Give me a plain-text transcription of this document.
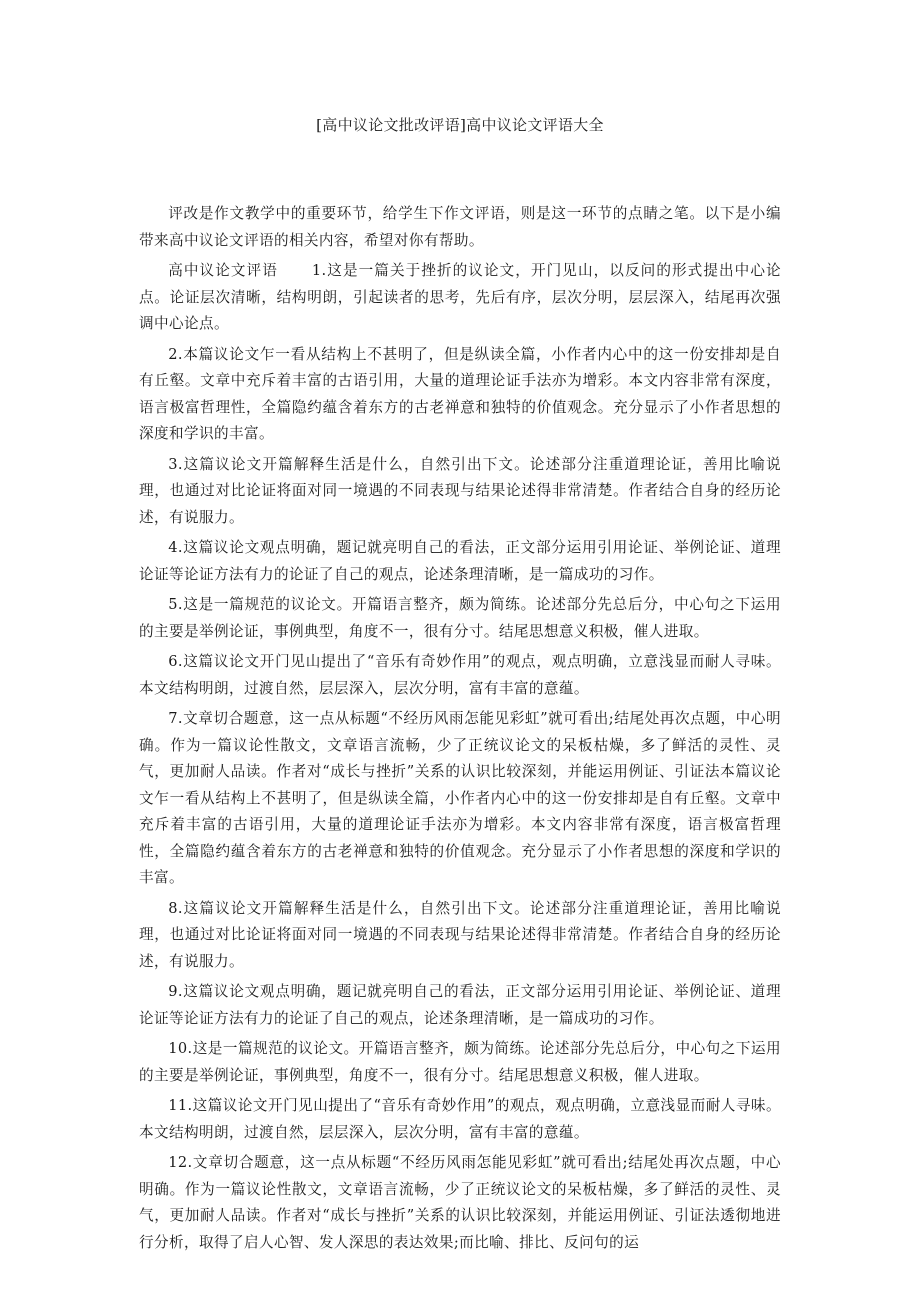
[高中议论文批改评语]高中议论文评语大全

评改是作文教学中的重要环节，给学生下作文评语，则是这一环节的点睛之笔。以下是小编带来高中议论文评语的相关内容，希望对你有帮助。

高中议论文评语 1.这是一篇关于挫折的议论文，开门见山，以反问的形式提出中心论点。论证层次清晰，结构明朗，引起读者的思考，先后有序，层次分明，层层深入，结尾再次强调中心论点。

2.本篇议论文乍一看从结构上不甚明了，但是纵读全篇，小作者内心中的这一份安排却是自有丘壑。文章中充斥着丰富的古语引用，大量的道理论证手法亦为增彩。本文内容非常有深度，语言极富哲理性，全篇隐约蕴含着东方的古老禅意和独特的价值观念。充分显示了小作者思想的深度和学识的丰富。

3.这篇议论文开篇解释生活是什么，自然引出下文。论述部分注重道理论证，善用比喻说理，也通过对比论证将面对同一境遇的不同表现与结果论述得非常清楚。作者结合自身的经历论述，有说服力。

4.这篇议论文观点明确，题记就亮明自己的看法，正文部分运用引用论证、举例论证、道理论证等论证方法有力的论证了自己的观点，论述条理清晰，是一篇成功的习作。

5.这是一篇规范的议论文。开篇语言整齐，颇为简练。论述部分先总后分，中心句之下运用的主要是举例论证，事例典型，角度不一，很有分寸。结尾思想意义积极，催人进取。

6.这篇议论文开门见山提出了“音乐有奇妙作用”的观点，观点明确，立意浅显而耐人寻味。本文结构明朗，过渡自然，层层深入，层次分明，富有丰富的意蕴。

7.文章切合题意，这一点从标题“不经历风雨怎能见彩虹”就可看出;结尾处再次点题，中心明确。作为一篇议论性散文，文章语言流畅，少了正统议论文的呆板枯燥，多了鲜活的灵性、灵气，更加耐人品读。作者对“成长与挫折”关系的认识比较深刻，并能运用例证、引证法本篇议论文乍一看从结构上不甚明了，但是纵读全篇，小作者内心中的这一份安排却是自有丘壑。文章中充斥着丰富的古语引用，大量的道理论证手法亦为增彩。本文内容非常有深度，语言极富哲理性，全篇隐约蕴含着东方的古老禅意和独特的价值观念。充分显示了小作者思想的深度和学识的丰富。

8.这篇议论文开篇解释生活是什么，自然引出下文。论述部分注重道理论证，善用比喻说理，也通过对比论证将面对同一境遇的不同表现与结果论述得非常清楚。作者结合自身的经历论述，有说服力。

9.这篇议论文观点明确，题记就亮明自己的看法，正文部分运用引用论证、举例论证、道理论证等论证方法有力的论证了自己的观点，论述条理清晰，是一篇成功的习作。

10.这是一篇规范的议论文。开篇语言整齐，颇为简练。论述部分先总后分，中心句之下运用的主要是举例论证，事例典型，角度不一，很有分寸。结尾思想意义积极，催人进取。

11.这篇议论文开门见山提出了“音乐有奇妙作用”的观点，观点明确，立意浅显而耐人寻味。本文结构明朗，过渡自然，层层深入，层次分明，富有丰富的意蕴。

12.文章切合题意，这一点从标题“不经历风雨怎能见彩虹”就可看出;结尾处再次点题，中心明确。作为一篇议论性散文，文章语言流畅，少了正统议论文的呆板枯燥，多了鲜活的灵性、灵气，更加耐人品读。作者对“成长与挫折”关系的认识比较深刻，并能运用例证、引证法透彻地进行分析，取得了启人心智、发人深思的表达效果;而比喻、排比、反问句的运
